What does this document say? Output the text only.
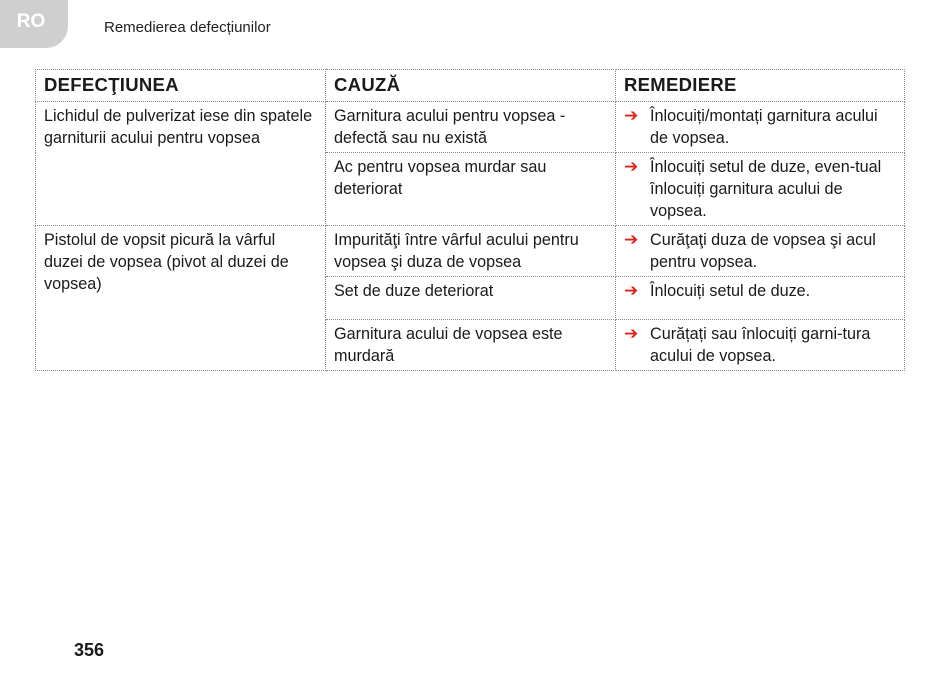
RO	Remedierea defecțiunilor
DEFECŢIUNEA	CAUZĂ	REMEDIERE
Lichidul de pulverizat iese din spatele garniturii acului pentru vopsea	Garnitura acului pentru vopsea - defectă sau nu există	➔ Înlocuiți/montați garnitura acului de vopsea.

	Ac pentru vopsea murdar sau deteriorat	➔ Înlocuiți setul de duze, even-tual înlocuiți garnitura acului de vopsea.

Pistolul de vopsit picură la vârful duzei de vopsea (pivot al duzei de vopsea)	Impurităţi între vârful acului pentru vopsea şi duza de vopsea	➔ Curăţaţi duza de vopsea şi acul pentru vopsea.

	Set de duze deteriorat	➔ Înlocuiți setul de duze.

	Garnitura acului de vopsea este murdară	➔ Curățați sau înlocuiți garni-tura acului de vopsea.
356
